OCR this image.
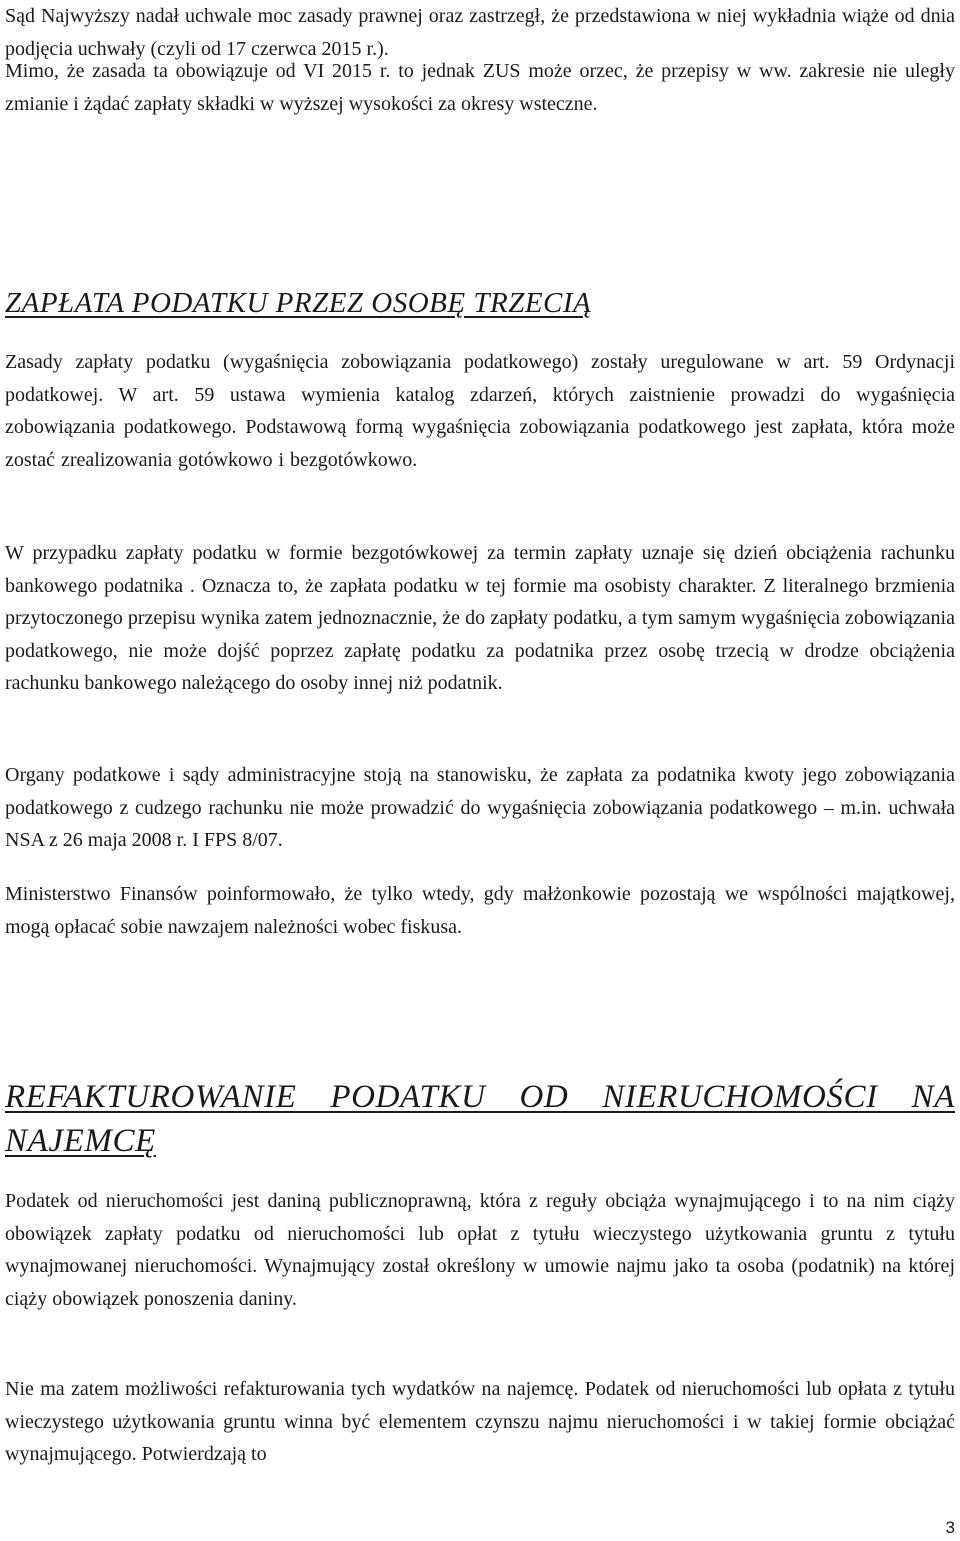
Sąd Najwyższy nadał uchwale moc zasady prawnej oraz zastrzegł, że przedstawiona w niej wykładnia wiąże od dnia podjęcia uchwały (czyli od 17 czerwca 2015 r.).

Mimo, że zasada ta obowiązuje od VI 2015 r. to jednak ZUS może orzec, że przepisy w ww. zakresie nie uległy zmianie i żądać zapłaty składki w wyższej wysokości za okresy wsteczne.

ZAPŁATA PODATKU PRZEZ OSOBĘ TRZECIĄ

Zasady zapłaty podatku (wygaśnięcia zobowiązania podatkowego) zostały uregulowane w art. 59 Ordynacji podatkowej. W art. 59 ustawa wymienia katalog zdarzeń, których zaistnienie prowadzi do wygaśnięcia zobowiązania podatkowego. Podstawową formą wygaśnięcia zobowiązania podatkowego jest zapłata, która może zostać zrealizowania gotówkowo i bezgotówkowo.

W przypadku zapłaty podatku w formie bezgotówkowej za termin zapłaty uznaje się dzień obciążenia rachunku bankowego podatnika . Oznacza to, że zapłata podatku w tej formie ma osobisty charakter. Z literalnego brzmienia przytoczonego przepisu wynika zatem jednoznacznie, że do zapłaty podatku, a tym samym wygaśnięcia zobowiązania podatkowego, nie może dojść poprzez zapłatę podatku za podatnika przez osobę trzecią w drodze obciążenia rachunku bankowego należącego do osoby innej niż podatnik.

Organy podatkowe i sądy administracyjne stoją na stanowisku, że zapłata za podatnika kwoty jego zobowiązania podatkowego z cudzego rachunku nie może prowadzić do wygaśnięcia zobowiązania podatkowego – m.in. uchwała NSA z 26 maja 2008 r. I FPS 8/07.

Ministerstwo Finansów poinformowało, że tylko wtedy, gdy małżonkowie pozostają we wspólności majątkowej, mogą opłacać sobie nawzajem należności wobec fiskusa.

REFAKTUROWANIE PODATKU OD NIERUCHOMOŚCI NA NAJEMCĘ

Podatek od nieruchomości jest daniną publicznoprawną, która z reguły obciąża wynajmującego i to na nim ciąży obowiązek zapłaty podatku od nieruchomości lub opłat z tytułu wieczystego użytkowania gruntu z tytułu wynajmowanej nieruchomości. Wynajmujący został określony w umowie najmu jako ta osoba (podatnik) na której ciąży obowiązek ponoszenia daniny.

Nie ma zatem możliwości refakturowania tych wydatków na najemcę. Podatek od nieruchomości lub opłata z tytułu wieczystego użytkowania gruntu winna być elementem czynszu najmu nieruchomości i w takiej formie obciążać wynajmującego. Potwierdzają to

3
